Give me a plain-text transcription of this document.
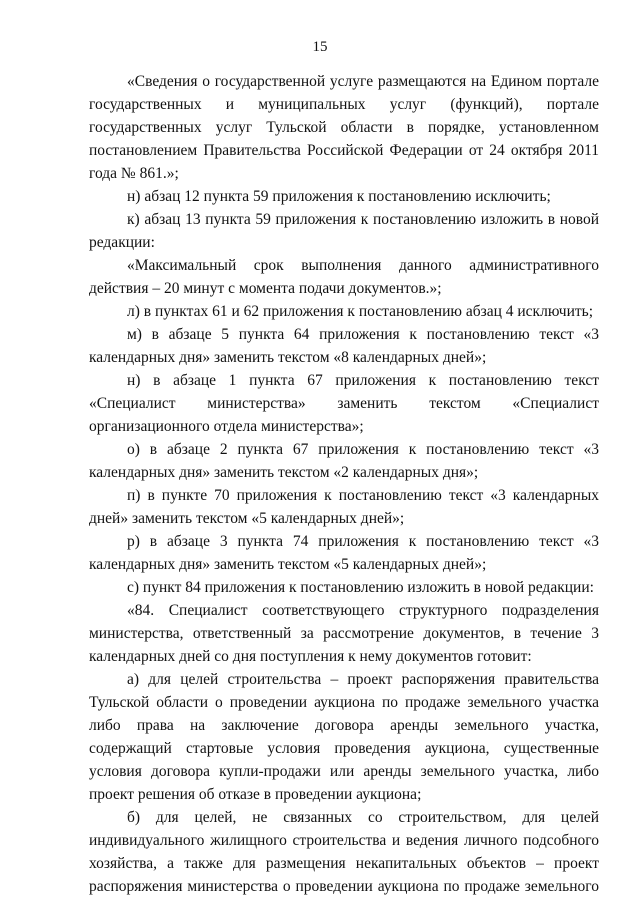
15

«Сведения о государственной услуге размещаются на Едином портале государственных и муниципальных услуг (функций), портале государственных услуг Тульской области в порядке, установленном постановлением Правительства Российской Федерации от 24 октября 2011 года № 861.»;

н) абзац 12 пункта 59 приложения к постановлению исключить;

к) абзац 13 пункта 59 приложения к постановлению изложить в новой редакции:

«Максимальный срок выполнения данного административного действия – 20 минут с момента подачи документов.»;

л) в пунктах 61 и 62 приложения к постановлению абзац 4 исключить;

м) в абзаце 5 пункта 64 приложения к постановлению текст «3 календарных дня» заменить текстом «8 календарных дней»;

н) в абзаце 1 пункта 67 приложения к постановлению текст «Специалист министерства» заменить текстом «Специалист организационного отдела министерства»;

о) в абзаце 2 пункта 67 приложения к постановлению текст «3 календарных дня» заменить текстом «2 календарных дня»;

п) в пункте 70 приложения к постановлению текст «3 календарных дней» заменить текстом «5 календарных дней»;

р) в абзаце 3 пункта 74 приложения к постановлению текст «3 календарных дня» заменить текстом «5 календарных дней»;

с) пункт 84 приложения к постановлению изложить в новой редакции:

«84. Специалист соответствующего структурного подразделения министерства, ответственный за рассмотрение документов, в течение 3 календарных дней со дня поступления к нему документов готовит:

а) для целей строительства – проект распоряжения правительства Тульской области о проведении аукциона по продаже земельного участка либо права на заключение договора аренды земельного участка, содержащий стартовые условия проведения аукциона, существенные условия договора купли-продажи или аренды земельного участка, либо проект решения об отказе в проведении аукциона;

б) для целей, не связанных со строительством, для целей индивидуального жилищного строительства и ведения личного подсобного хозяйства, а также для размещения некапитальных объектов – проект распоряжения министерства о проведении аукциона по продаже земельного
